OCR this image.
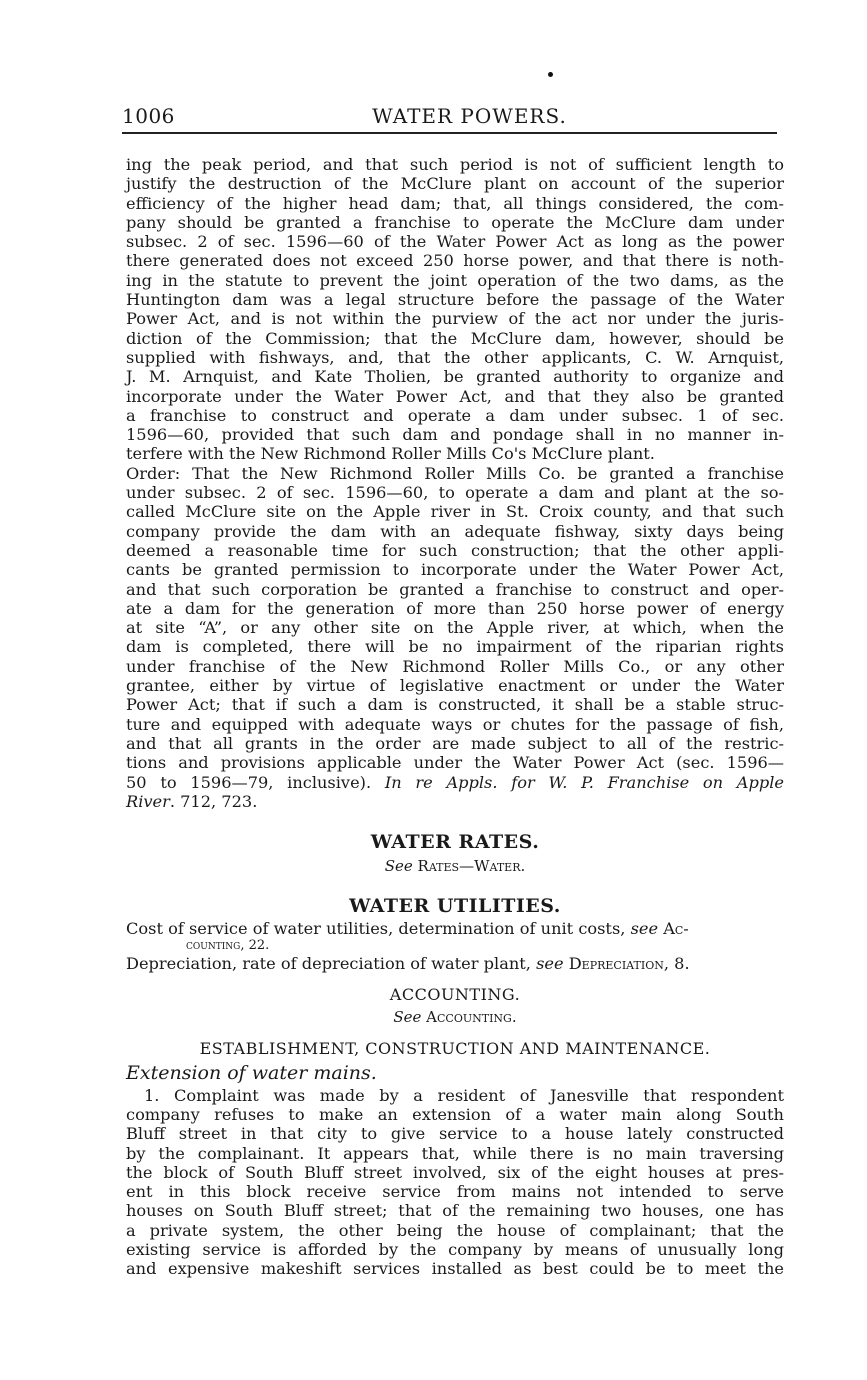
1006	WATER POWERS.
ing the peak period, and that such period is not of sufficient length to
justify the destruction of the McClure plant on account of the superior
efficiency of the higher head dam; that, all things considered, the com-
pany should be granted a franchise to operate the McClure dam under
subsec. 2 of sec. 1596—60 of the Water Power Act as long as the power
there generated does not exceed 250 horse power, and that there is noth-
ing in the statute to prevent the joint operation of the two dams, as the
Huntington dam was a legal structure before the passage of the Water
Power Act, and is not within the purview of the act nor under the juris-
diction of the Commission; that the McClure dam, however, should be
supplied with fishways, and, that the other applicants, C. W. Arnquist,
J. M. Arnquist, and Kate Tholien, be granted authority to organize and
incorporate under the Water Power Act, and that they also be granted
a franchise to construct and operate a dam under subsec. 1 of sec.
1596—60, provided that such dam and pondage shall in no manner in-
terfere with the New Richmond Roller Mills Co's McClure plant.
Order: That the New Richmond Roller Mills Co. be granted a franchise
under subsec. 2 of sec. 1596—60, to operate a dam and plant at the so-
called McClure site on the Apple river in St. Croix county, and that such
company provide the dam with an adequate fishway, sixty days being
deemed a reasonable time for such construction; that the other appli-
cants be granted permission to incorporate under the Water Power Act,
and that such corporation be granted a franchise to construct and oper-
ate a dam for the generation of more than 250 horse power of energy
at site “A”, or any other site on the Apple river, at which, when the
dam is completed, there will be no impairment of the riparian rights
under franchise of the New Richmond Roller Mills Co., or any other
grantee, either by virtue of legislative enactment or under the Water
Power Act; that if such a dam is constructed, it shall be a stable struc-
ture and equipped with adequate ways or chutes for the passage of fish,
and that all grants in the order are made subject to all of the restric-
tions and provisions applicable under the Water Power Act (sec. 1596—
50 to 1596—79, inclusive). In re Appls. for W. P. Franchise on Apple
River. 712, 723.
WATER RATES.
See Rates—Water.
WATER UTILITIES.
Cost of service of water utilities, determination of unit costs, see Ac-
counting, 22.
Depreciation, rate of depreciation of water plant, see Depreciation, 8.
ACCOUNTING.
See Accounting.
ESTABLISHMENT, CONSTRUCTION AND MAINTENANCE.
Extension of water mains.
1. Complaint was made by a resident of Janesville that respondent
company refuses to make an extension of a water main along South
Bluff street in that city to give service to a house lately constructed
by the complainant. It appears that, while there is no main traversing
the block of South Bluff street involved, six of the eight houses at pres-
ent in this block receive service from mains not intended to serve
houses on South Bluff street; that of the remaining two houses, one has
a private system, the other being the house of complainant; that the
existing service is afforded by the company by means of unusually long
and expensive makeshift services installed as best could be to meet the
